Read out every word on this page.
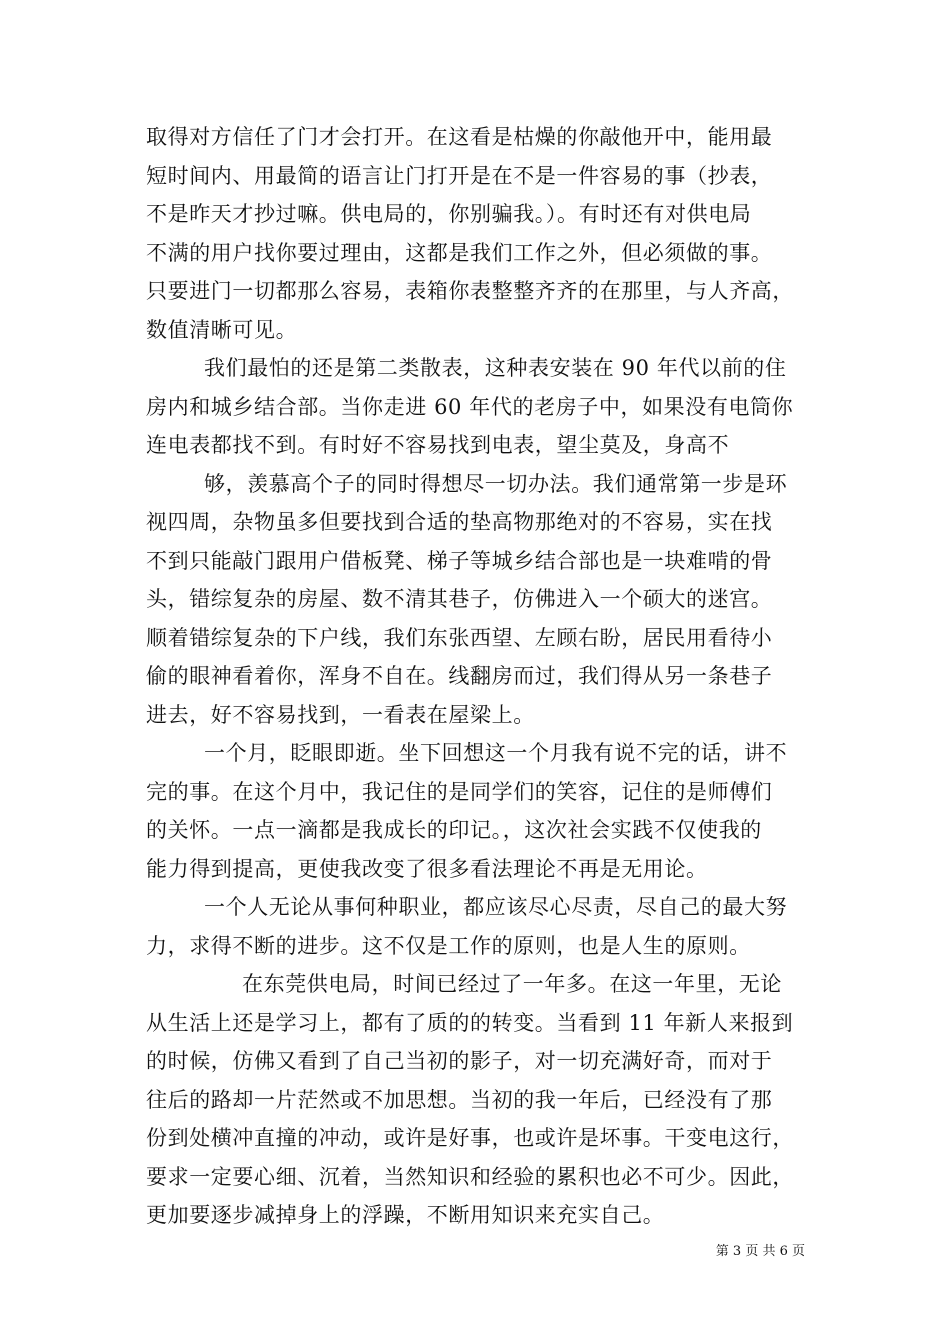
取得对方信任了门才会打开。在这看是枯燥的你敲他开中，能用最
短时间内、用最简的语言让门打开是在不是一件容易的事（抄表，
不是昨天才抄过嘛。供电局的，你别骗我。）。有时还有对供电局
不满的用户找你要过理由，这都是我们工作之外，但必须做的事。
只要进门一切都那么容易，表箱你表整整齐齐的在那里，与人齐高，
数值清晰可见。
我们最怕的还是第二类散表，这种表安装在 90 年代以前的住
房内和城乡结合部。当你走进 60 年代的老房子中，如果没有电筒你
连电表都找不到。有时好不容易找到电表，望尘莫及，身高不
够，羡慕高个子的同时得想尽一切办法。我们通常第一步是环
视四周，杂物虽多但要找到合适的垫高物那绝对的不容易，实在找
不到只能敲门跟用户借板凳、梯子等城乡结合部也是一块难啃的骨
头，错综复杂的房屋、数不清其巷子，仿佛进入一个硕大的迷宫。
顺着错综复杂的下户线，我们东张西望、左顾右盼，居民用看待小
偷的眼神看着你，浑身不自在。线翻房而过，我们得从另一条巷子
进去，好不容易找到，一看表在屋梁上。
一个月，眨眼即逝。坐下回想这一个月我有说不完的话，讲不
完的事。在这个月中，我记住的是同学们的笑容，记住的是师傅们
的关怀。一点一滴都是我成长的印记。，这次社会实践不仅使我的
能力得到提高，更使我改变了很多看法理论不再是无用论。
一个人无论从事何种职业，都应该尽心尽责，尽自己的最大努
力，求得不断的进步。这不仅是工作的原则，也是人生的原则。
在东莞供电局，时间已经过了一年多。在这一年里，无论
从生活上还是学习上，都有了质的的转变。当看到 11 年新人来报到
的时候，仿佛又看到了自己当初的影子，对一切充满好奇，而对于
往后的路却一片茫然或不加思想。当初的我一年后，已经没有了那
份到处横冲直撞的冲动，或许是好事，也或许是坏事。干变电这行，
要求一定要心细、沉着，当然知识和经验的累积也必不可少。因此，
更加要逐步减掉身上的浮躁，不断用知识来充实自己。
第 3 页 共 6 页
